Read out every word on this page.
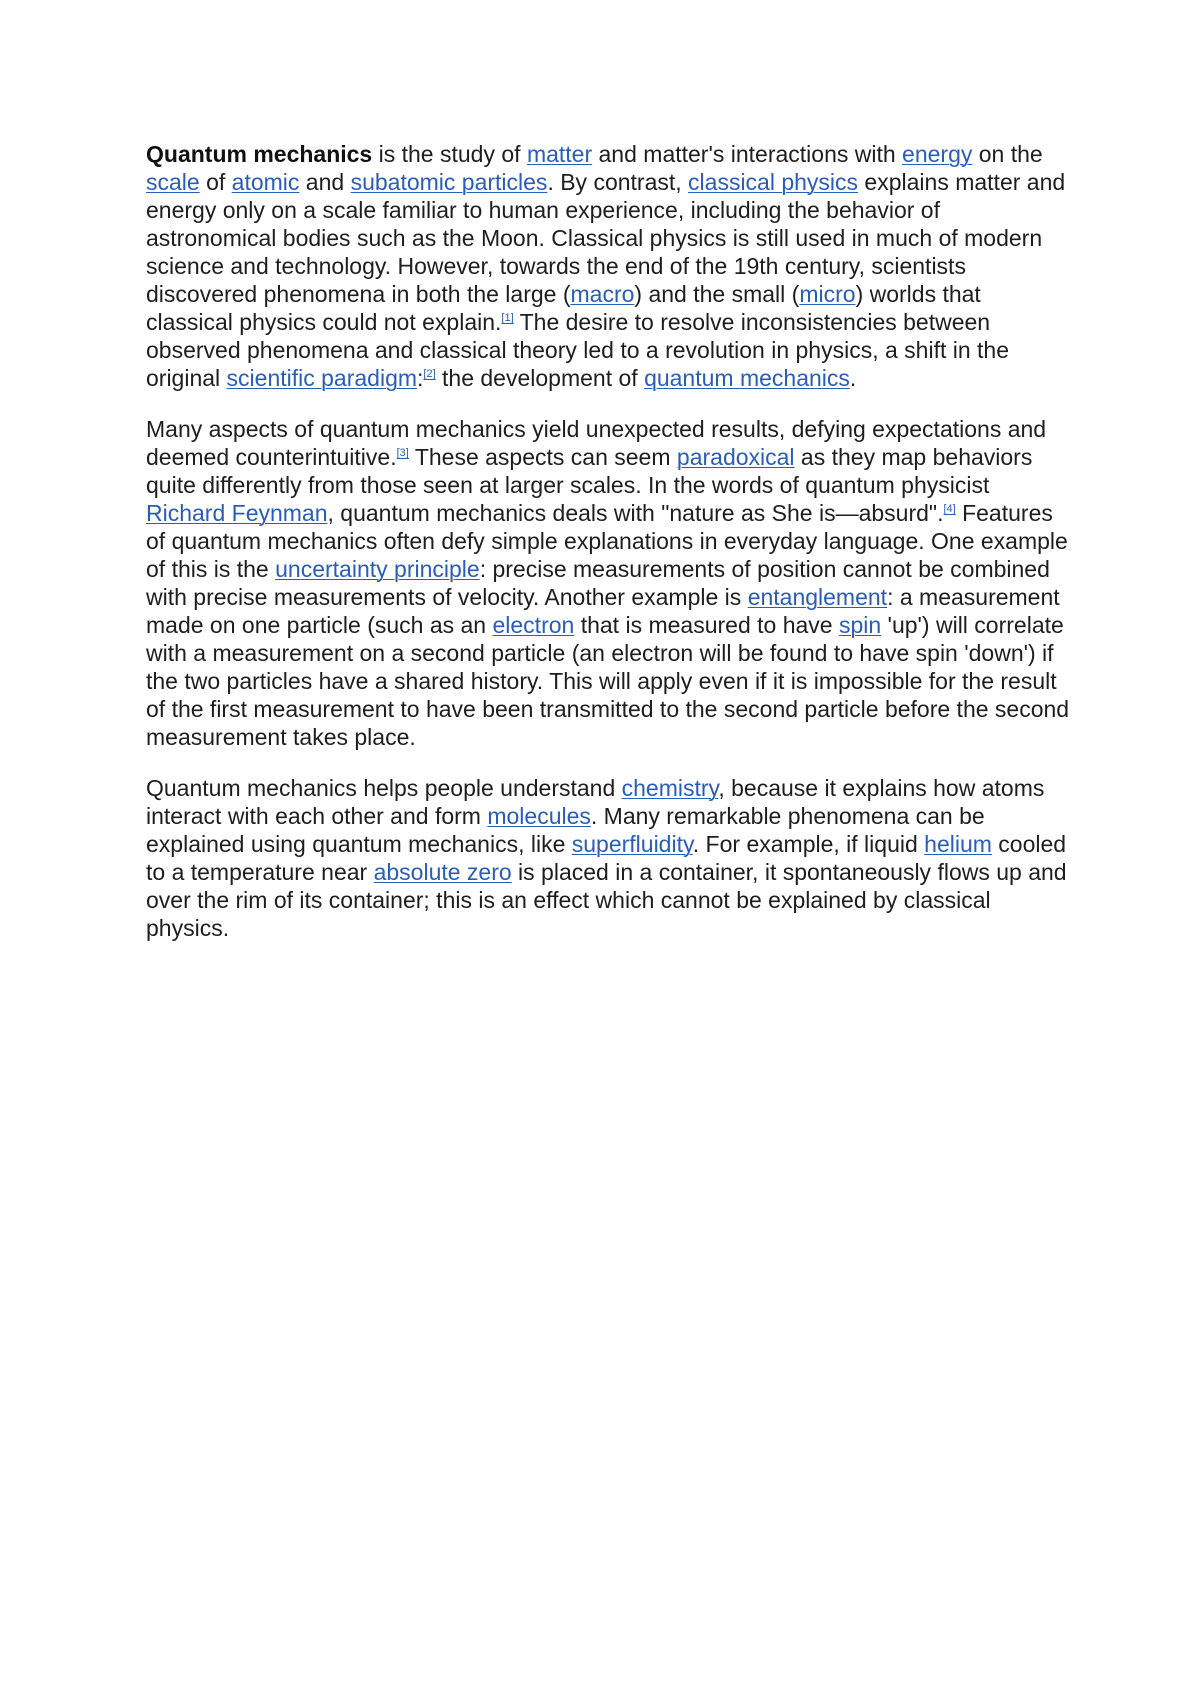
Quantum mechanics is the study of matter and matter's interactions with energy on the scale of atomic and subatomic particles. By contrast, classical physics explains matter and energy only on a scale familiar to human experience, including the behavior of astronomical bodies such as the Moon. Classical physics is still used in much of modern science and technology. However, towards the end of the 19th century, scientists discovered phenomena in both the large (macro) and the small (micro) worlds that classical physics could not explain.[1] The desire to resolve inconsistencies between observed phenomena and classical theory led to a revolution in physics, a shift in the original scientific paradigm:[2] the development of quantum mechanics.

Many aspects of quantum mechanics yield unexpected results, defying expectations and deemed counterintuitive.[3] These aspects can seem paradoxical as they map behaviors quite differently from those seen at larger scales. In the words of quantum physicist Richard Feynman, quantum mechanics deals with "nature as She is—absurd".[4] Features of quantum mechanics often defy simple explanations in everyday language. One example of this is the uncertainty principle: precise measurements of position cannot be combined with precise measurements of velocity. Another example is entanglement: a measurement made on one particle (such as an electron that is measured to have spin 'up') will correlate with a measurement on a second particle (an electron will be found to have spin 'down') if the two particles have a shared history. This will apply even if it is impossible for the result of the first measurement to have been transmitted to the second particle before the second measurement takes place.

Quantum mechanics helps people understand chemistry, because it explains how atoms interact with each other and form molecules. Many remarkable phenomena can be explained using quantum mechanics, like superfluidity. For example, if liquid helium cooled to a temperature near absolute zero is placed in a container, it spontaneously flows up and over the rim of its container; this is an effect which cannot be explained by classical physics.
